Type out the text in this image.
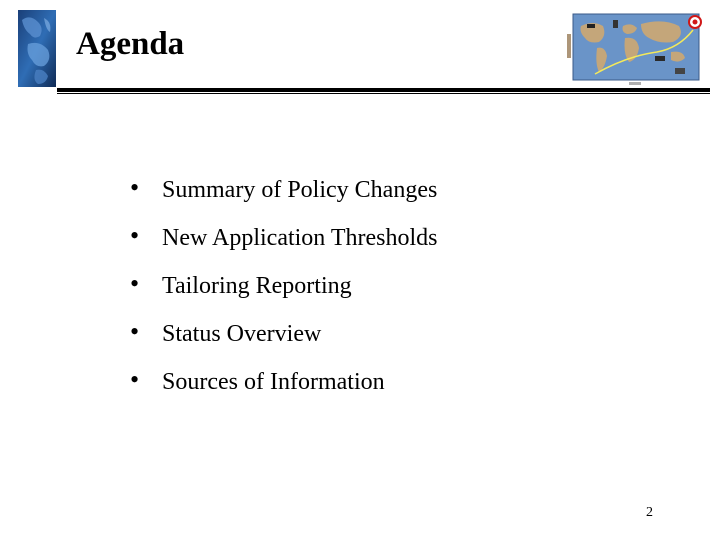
Agenda
• Summary of Policy Changes
• New Application Thresholds
• Tailoring Reporting
• Status Overview
• Sources of Information
2
